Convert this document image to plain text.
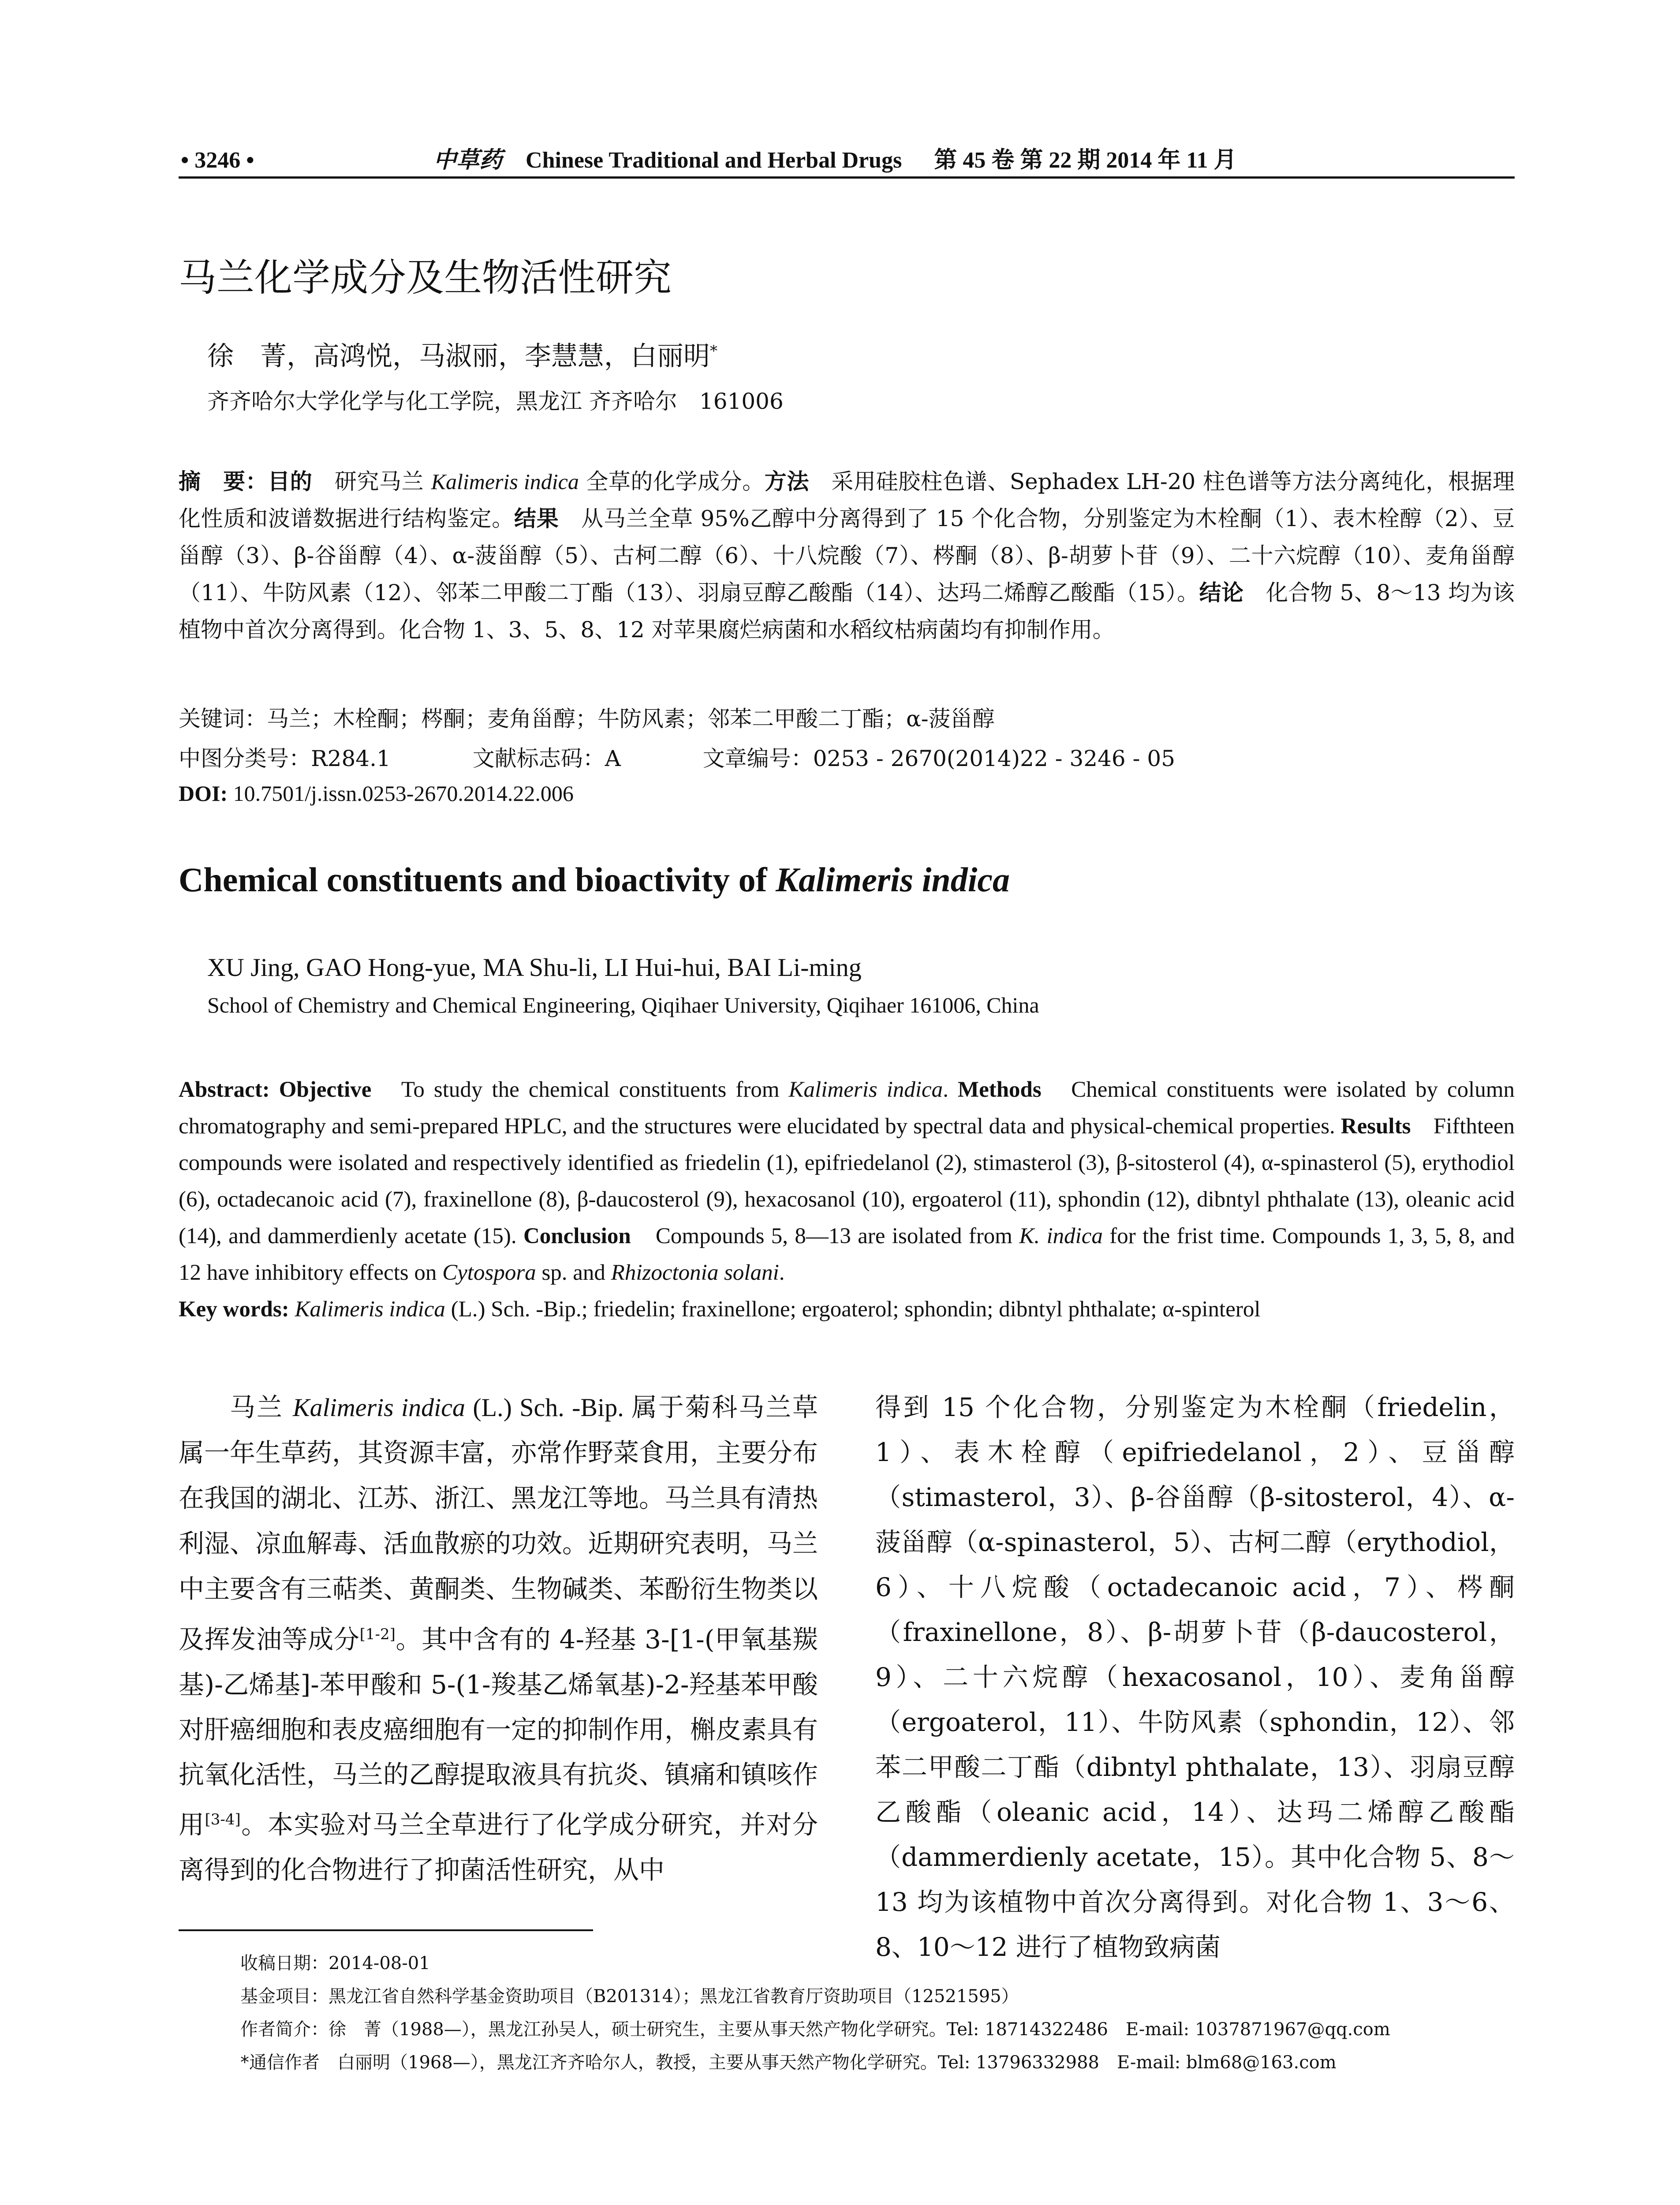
• 3246 •	中草药 Chinese Traditional and Herbal Drugs 第 45 卷 第 22 期 2014 年 11 月
马兰化学成分及生物活性研究
徐　菁，高鸿悦，马淑丽，李慧慧，白丽明*
齐齐哈尔大学化学与化工学院，黑龙江 齐齐哈尔　161006
摘　要：目的　研究马兰 Kalimeris indica 全草的化学成分。方法　采用硅胶柱色谱、Sephadex LH-20 柱色谱等方法分离纯化，根据理化性质和波谱数据进行结构鉴定。结果　从马兰全草 95%乙醇中分离得到了 15 个化合物，分别鉴定为木栓酮（1）、表木栓醇（2）、豆甾醇（3）、β-谷甾醇（4）、α-菠甾醇（5）、古柯二醇（6）、十八烷酸（7）、梣酮（8）、β-胡萝卜苷（9）、二十六烷醇（10）、麦角甾醇（11）、牛防风素（12）、邻苯二甲酸二丁酯（13）、羽扇豆醇乙酸酯（14）、达玛二烯醇乙酸酯（15）。结论　化合物 5、8～13 均为该植物中首次分离得到。化合物 1、3、5、8、12 对苹果腐烂病菌和水稻纹枯病菌均有抑制作用。
关键词：马兰；木栓酮；梣酮；麦角甾醇；牛防风素；邻苯二甲酸二丁酯；α-菠甾醇
中图分类号：R284.1	文献标志码：A	文章编号：0253 - 2670(2014)22 - 3246 - 05
DOI: 10.7501/j.issn.0253-2670.2014.22.006
Chemical constituents and bioactivity of Kalimeris indica
XU Jing, GAO Hong-yue, MA Shu-li, LI Hui-hui, BAI Li-ming
School of Chemistry and Chemical Engineering, Qiqihaer University, Qiqihaer 161006, China
Abstract: Objective　To study the chemical constituents from Kalimeris indica. Methods　Chemical constituents were isolated by column chromatography and semi-prepared HPLC, and the structures were elucidated by spectral data and physical-chemical properties. Results　Fifthteen compounds were isolated and respectively identified as friedelin (1), epifriedelanol (2), stimasterol (3), β-sitosterol (4), α-spinasterol (5), erythodiol (6), octadecanoic acid (7), fraxinellone (8), β-daucosterol (9), hexacosanol (10), ergoaterol (11), sphondin (12), dibntyl phthalate (13), oleanic acid (14), and dammerdienly acetate (15). Conclusion　Compounds 5, 8—13 are isolated from K. indica for the frist time. Compounds 1, 3, 5, 8, and 12 have inhibitory effects on Cytospora sp. and Rhizoctonia solani.
Key words: Kalimeris indica (L.) Sch. -Bip.; friedelin; fraxinellone; ergoaterol; sphondin; dibntyl phthalate; α-spinterol
马兰 Kalimeris indica (L.) Sch. -Bip. 属于菊科马兰草属一年生草药，其资源丰富，亦常作野菜食用，主要分布在我国的湖北、江苏、浙江、黑龙江等地。马兰具有清热利湿、凉血解毒、活血散瘀的功效。近期研究表明，马兰中主要含有三萜类、黄酮类、生物碱类、苯酚衍生物类以及挥发油等成分[1-2]。其中含有的 4-羟基 3-[1-(甲氧基羰基)-乙烯基]-苯甲酸和 5-(1-羧基乙烯氧基)-2-羟基苯甲酸对肝癌细胞和表皮癌细胞有一定的抑制作用，槲皮素具有抗氧化活性，马兰的乙醇提取液具有抗炎、镇痛和镇咳作用[3-4]。本实验对马兰全草进行了化学成分研究，并对分离得到的化合物进行了抑菌活性研究，从中
得到 15 个化合物，分别鉴定为木栓酮（friedelin，1）、表木栓醇（epifriedelanol，2）、豆甾醇（stimasterol，3）、β-谷甾醇（β-sitosterol，4）、α-菠甾醇（α-spinasterol，5）、古柯二醇（erythodiol，6）、十八烷酸（octadecanoic acid，7）、梣酮（fraxinellone，8）、β-胡萝卜苷（β-daucosterol，9）、二十六烷醇（hexacosanol，10）、麦角甾醇（ergoaterol，11）、牛防风素（sphondin，12）、邻苯二甲酸二丁酯（dibntyl phthalate，13）、羽扇豆醇乙酸酯（oleanic acid，14）、达玛二烯醇乙酸酯（dammerdienly acetate，15）。其中化合物 5、8～13 均为该植物中首次分离得到。对化合物 1、3～6、8、10～12 进行了植物致病菌
收稿日期：2014-08-01
基金项目：黑龙江省自然科学基金资助项目（B201314）；黑龙江省教育厅资助项目（12521595）
作者简介：徐　菁（1988—），黑龙江孙吴人，硕士研究生，主要从事天然产物化学研究。Tel: 18714322486　E-mail: 1037871967@qq.com
*通信作者　白丽明（1968—），黑龙江齐齐哈尔人，教授，主要从事天然产物化学研究。Tel: 13796332988　E-mail: blm68@163.com
